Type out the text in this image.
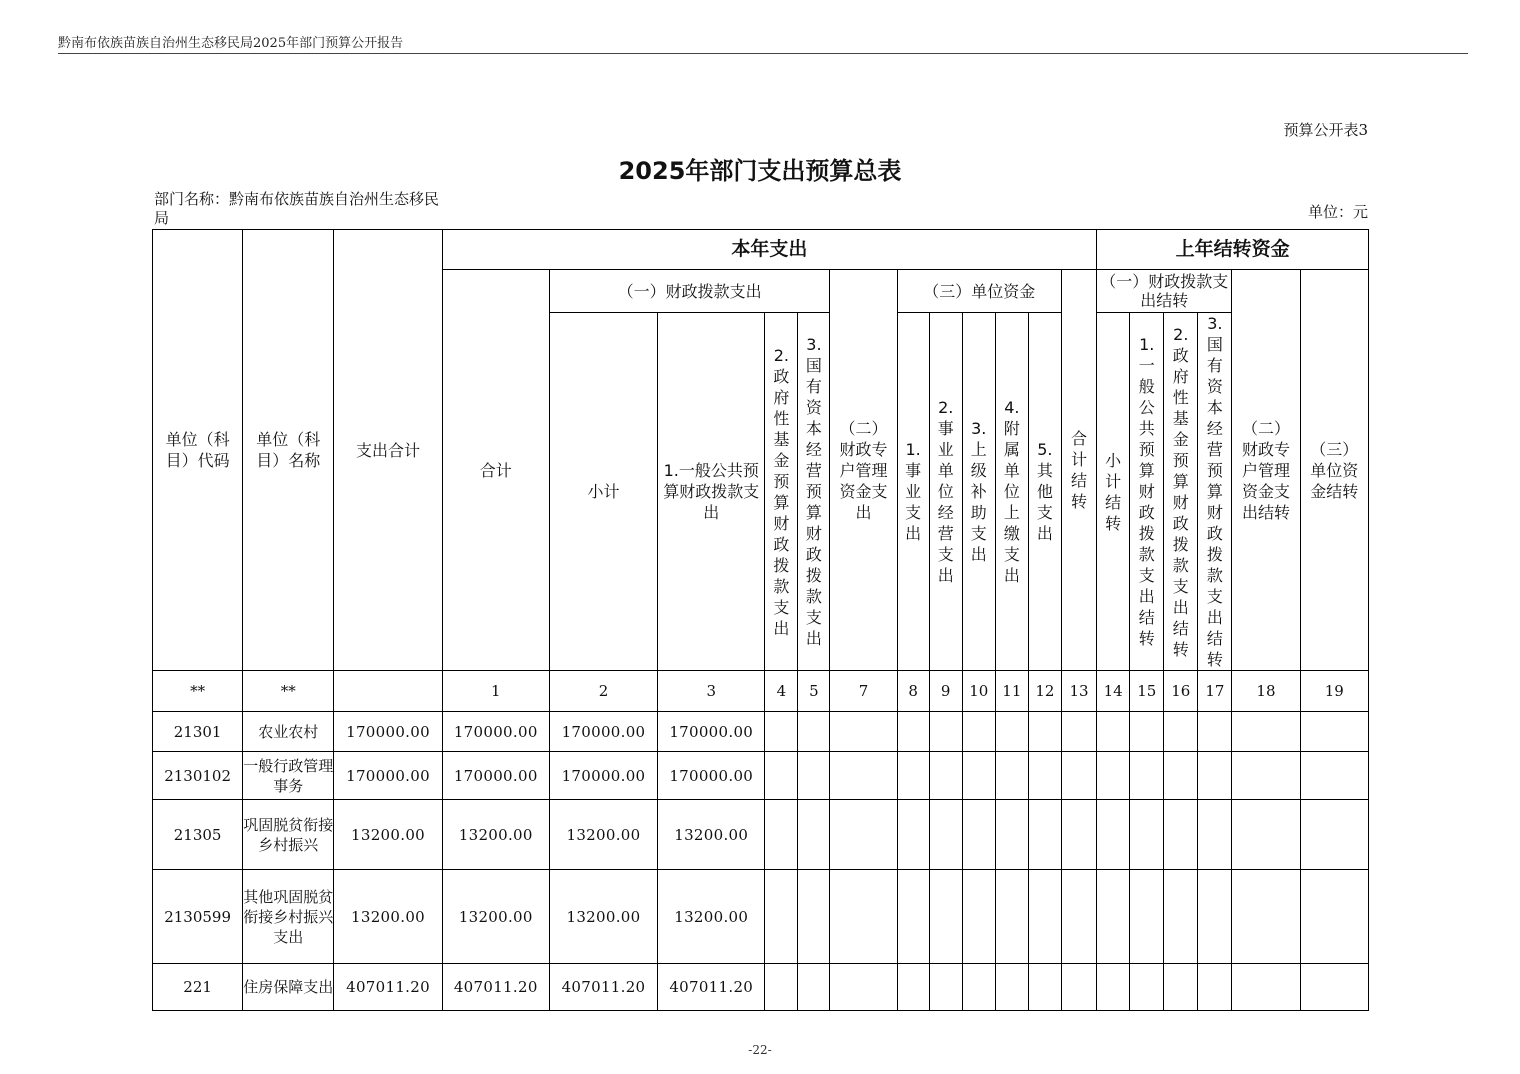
黔南布依族苗族自治州生态移民局2025年部门预算公开报告
预算公开表3
2025年部门支出预算总表
部门名称：黔南布依族苗族自治州生态移民局	单位：元
单位（科目）代码	单位（科目）名称	支出合计	本年支出												上年结转资金					
			合计	（一）财政拨款支出				（二）财政专户管理资金支出	（三）单位资金					合计结转	（一）财政拨款支出结转				（二）财政专户管理资金支出结转	（三）单位资金结转

				小计	1.一般公共预算财政拨款支出	2.政府性基金预算财政拨款支出	3.国有资本经营预算财政拨款支出		1.事业支出	2.事业单位经营支出	3.上级补助支出	4.附属单位上缴支出	5.其他支出		小计结转	1.一般公共预算财政拨款支出结转	2.政府性基金预算财政拨款支出结转	3.国有资本经营预算财政拨款支出结转		

**	**		1	2	3	4	5	7	8	9	10	11	12	13	14	15	16	17	18	19
21301	农业农村	170000.00	170000.00	170000.00	170000.00															
2130102	一般行政管理事务	170000.00	170000.00	170000.00	170000.00															
21305	巩固脱贫衔接乡村振兴	13200.00	13200.00	13200.00	13200.00															
2130599	其他巩固脱贫衔接乡村振兴支出	13200.00	13200.00	13200.00	13200.00															
221	住房保障支出	407011.20	407011.20	407011.20	407011.20															
-22-
